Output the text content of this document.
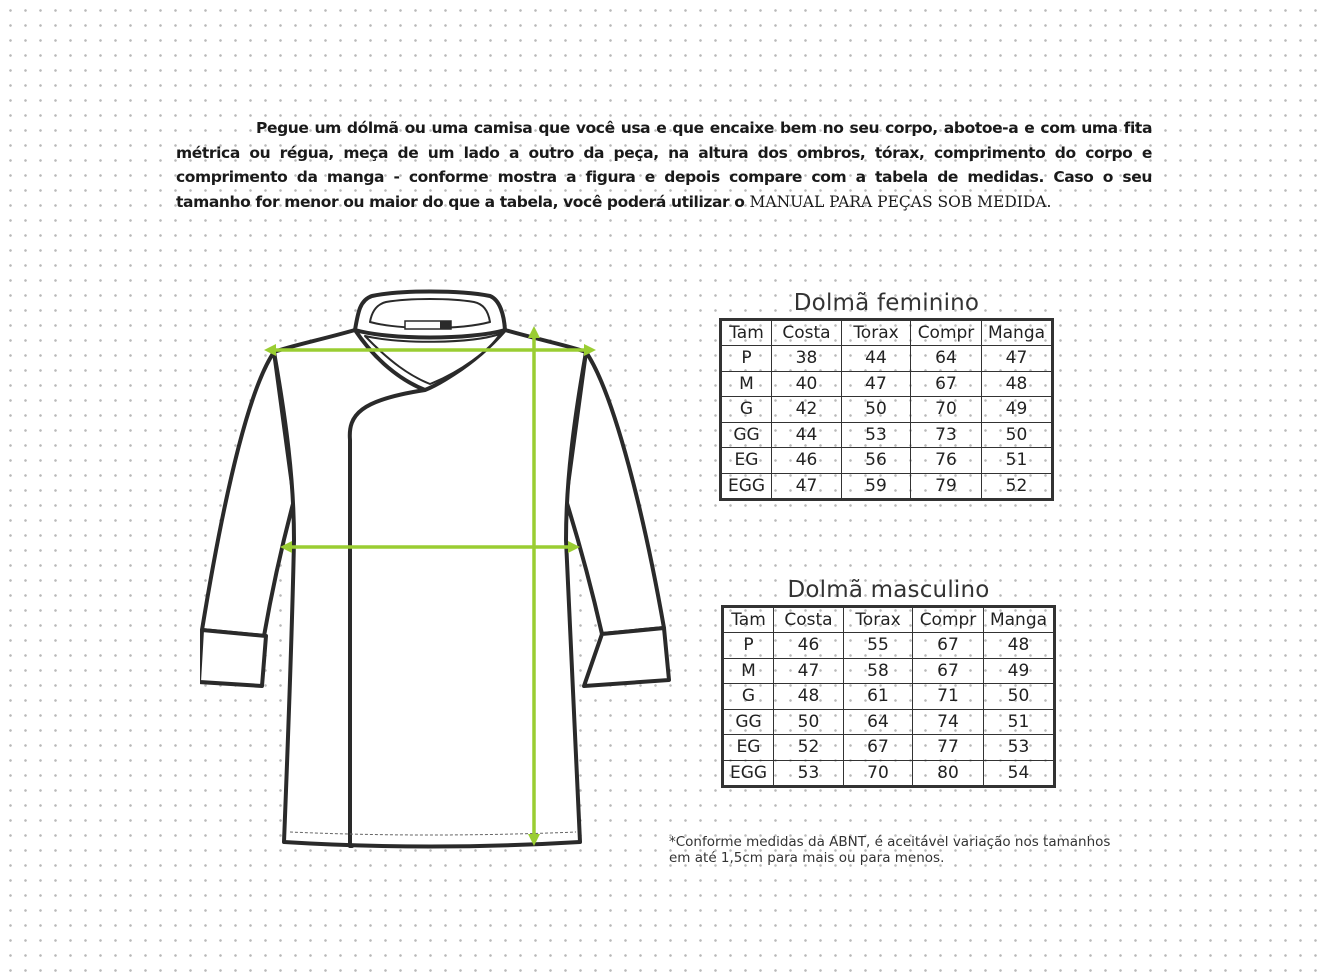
Pegue um dólmã ou uma camisa que você usa e que encaixe bem no seu corpo, abotoe-a e com uma fita métrica ou régua, meça de um lado a outro da peça, na altura dos ombros, tórax, comprimento do corpo e comprimento da manga - conforme mostra a figura e depois compare com a tabela de medidas. Caso o seu tamanho for menor ou maior do que a tabela, você poderá utilizar o MANUAL PARA PEÇAS SOB MEDIDA.

Dolmã feminino
Tam	Costa	Torax	Compr	Manga
P	38	44	64	47
M	40	47	67	48
G	42	50	70	49
GG	44	53	73	50
EG	46	56	76	51
EGG	47	59	79	52
Dolmã masculino
Tam	Costa	Torax	Compr	Manga
P	46	55	67	48
M	47	58	67	49
G	48	61	71	50
GG	50	64	74	51
EG	52	67	77	53
EGG	53	70	80	54

*Conforme medidas da ABNT, é aceitável variação nos tamanhos
em até 1,5cm para mais ou para menos.
